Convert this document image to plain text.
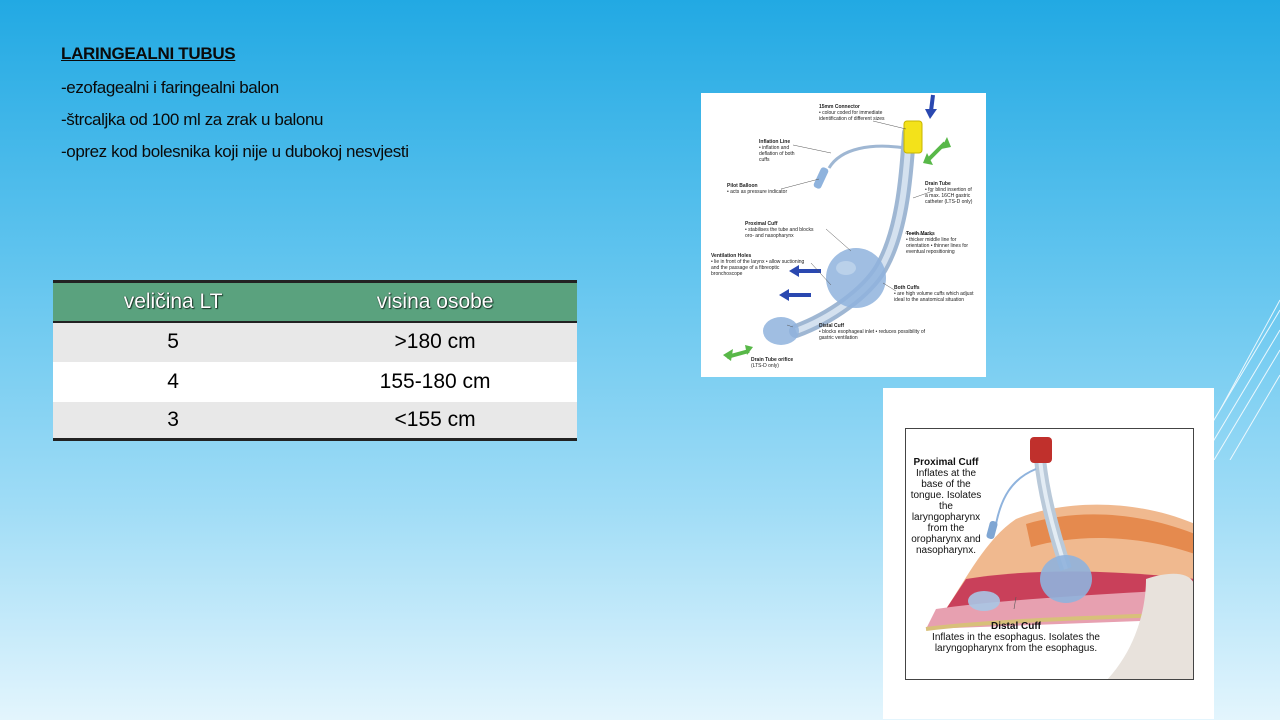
LARINGEALNI TUBUS
-ezofagealni i faringealni balon
-štrcaljka od 100 ml za zrak u balonu
-oprez kod bolesnika koji nije u dubokoj nesvjesti
veličina LT	visina osobe
5	>180 cm
4	155-180 cm
3	<155 cm
15mm Connector
• colour coded for immediate identification of different sizes
Inflation Line
• inflation and deflation of both cuffs
Pilot Balloon
• acts as pressure indicator
Drain Tube
• for blind insertion of a max. 16CH gastric catheter (LTS-D only)
Proximal Cuff
• stabilises the tube and blocks oro- and nasopharynx	Teeth Marks
• thicker middle line for orientation • thinner lines for eventual repositioning
Ventilation Holes
• lie in front of the larynx • allow suctioning and the passage of a fibreoptic bronchoscope
Both Cuffs
• are high volume cuffs which adjust ideal to the anatomical situation
Distal Cuff
• blocks esophageal inlet • reduces possibility of gastric ventilation
Drain Tube orifice
(LTS-D only)
Proximal Cuff
Inflates at the base of the tongue. Isolates the laryngopharynx from the oropharynx and nasopharynx.
Distal Cuff
Inflates in the esophagus. Isolates the laryngopharynx from the esophagus.
